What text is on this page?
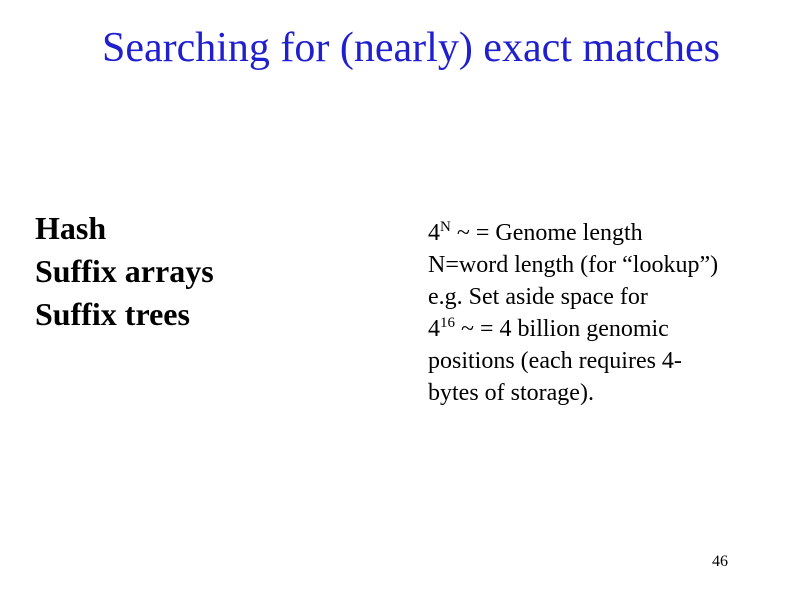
Searching for (nearly) exact matches
Hash
Suffix arrays
Suffix trees
$4^N$ ~ = Genome length
N=word length (for “lookup”)
e.g. Set aside space for
$4^{16}$ ~ = 4 billion genomic
positions (each requires 4-
bytes of storage).
46
